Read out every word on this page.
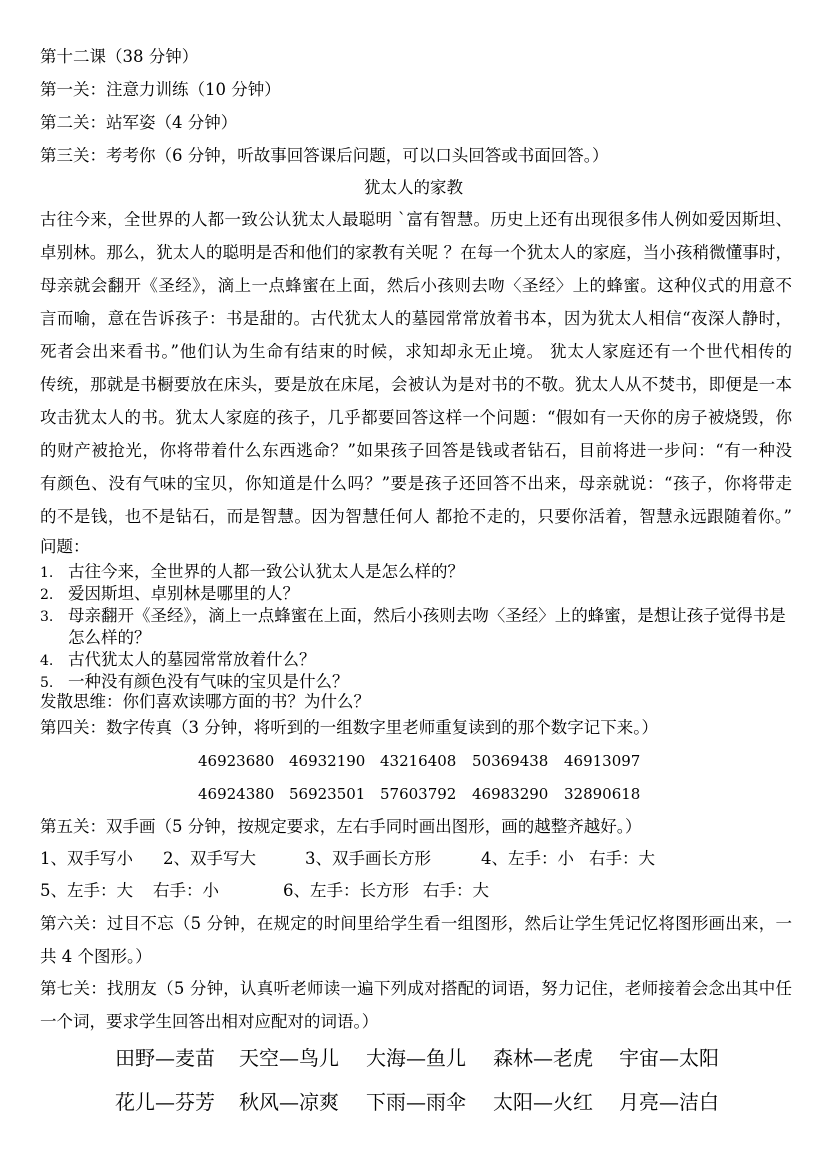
第十二课（38 分钟）
第一关：注意力训练（10 分钟）
第二关：站军姿（4 分钟）
第三关：考考你（6 分钟，听故事回答课后问题，可以口头回答或书面回答。）
犹太人的家教
古往今来，全世界的人都一致公认犹太人最聪明 `富有智慧。历史上还有出现很多伟人例如爱因斯坦、
卓别林。那么，犹太人的聪明是否和他们的家教有关呢 ？在每一个犹太人的家庭，当小孩稍微懂事时，
母亲就会翻开《圣经》，滴上一点蜂蜜在上面，然后小孩则去吻〈圣经〉上的蜂蜜。这种仪式的用意不
言而喻，意在告诉孩子：书是甜的。古代犹太人的墓园常常放着书本，因为犹太人相信“夜深人静时，
死者会出来看书。”他们认为生命有结束的时候，求知却永无止境。 犹太人家庭还有一个世代相传的
传统，那就是书橱要放在床头，要是放在床尾，会被认为是对书的不敬。犹太人从不焚书，即便是一本
攻击犹太人的书。犹太人家庭的孩子，几乎都要回答这样一个问题：“假如有一天你的房子被烧毁，你
的财产被抢光，你将带着什么东西逃命？”如果孩子回答是钱或者钻石，目前将进一步问：“有一种没
有颜色、没有气味的宝贝，你知道是什么吗？”要是孩子还回答不出来，母亲就说：“孩子，你将带走
的不是钱，也不是钻石，而是智慧。因为智慧任何人 都抢不走的，只要你活着，智慧永远跟随着你。”
问题：
1. 古往今来，全世界的人都一致公认犹太人是怎么样的？
2. 爱因斯坦、卓别林是哪里的人？
3. 母亲翻开《圣经》，滴上一点蜂蜜在上面，然后小孩则去吻〈圣经〉上的蜂蜜，是想让孩子觉得书是
怎么样的？
4. 古代犹太人的墓园常常放着什么？
5. 一种没有颜色没有气味的宝贝是什么？
发散思维：你们喜欢读哪方面的书？为什么？
第四关：数字传真（3 分钟，将听到的一组数字里老师重复读到的那个数字记下来。）
46923680 46932190 43216408 50369438 46913097
46924380 56923501 57603792 46983290 32890618
第五关：双手画（5 分钟，按规定要求，左右手同时画出图形，画的越整齐越好。）
1、双手写小 2、双手写大	3、双手画长方形	4、左手：小 右手：大
5、左手：大 右手：小	6、左手：长方形 右手：大
第六关：过目不忘（5 分钟，在规定的时间里给学生看一组图形，然后让学生凭记忆将图形画出来，一
共 4 个图形。）
第七关：找朋友（5 分钟，认真听老师读一遍下列成对搭配的词语，努力记住，老师接着会念出其中任
一个词，要求学生回答出相对应配对的词语。）
田野—麦苗 天空—鸟儿 大海—鱼儿 森林—老虎 宇宙—太阳
花儿—芬芳 秋风—凉爽 下雨—雨伞 太阳—火红 月亮—洁白
